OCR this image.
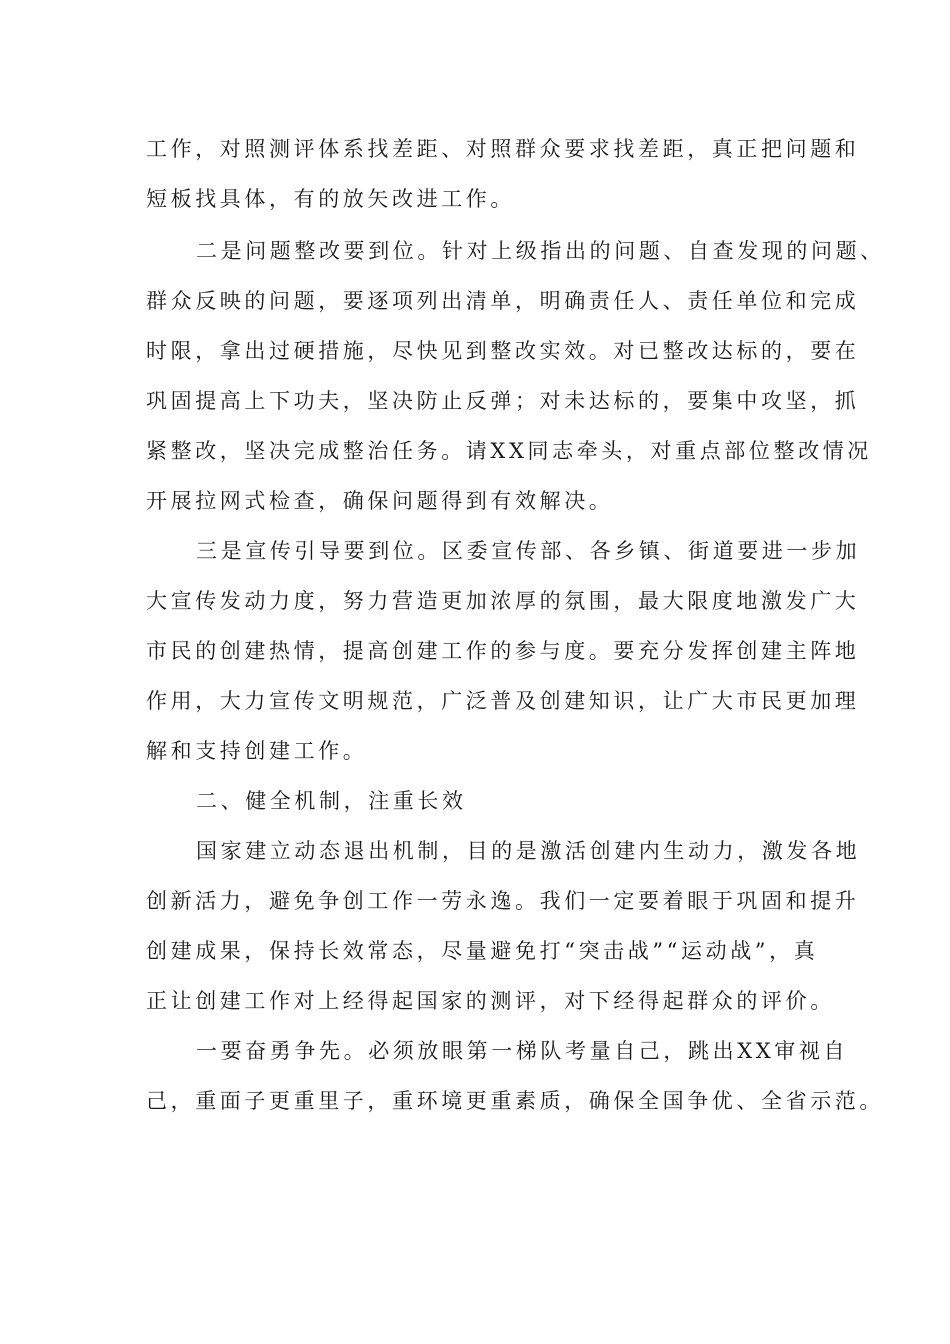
工作，对照测评体系找差距、对照群众要求找差距，真正把问题和
短板找具体，有的放矢改进工作。
二是问题整改要到位。针对上级指出的问题、自查发现的问题、
群众反映的问题，要逐项列出清单，明确责任人、责任单位和完成
时限，拿出过硬措施，尽快见到整改实效。对已整改达标的，要在
巩固提高上下功夫，坚决防止反弹；对未达标的，要集中攻坚，抓
紧整改，坚决完成整治任务。请XX同志牵头，对重点部位整改情况
开展拉网式检查，确保问题得到有效解决。
三是宣传引导要到位。区委宣传部、各乡镇、街道要进一步加
大宣传发动力度，努力营造更加浓厚的氛围，最大限度地激发广大
市民的创建热情，提高创建工作的参与度。要充分发挥创建主阵地
作用，大力宣传文明规范，广泛普及创建知识，让广大市民更加理
解和支持创建工作。
二、健全机制，注重长效
国家建立动态退出机制，目的是激活创建内生动力，激发各地
创新活力，避免争创工作一劳永逸。我们一定要着眼于巩固和提升
创建成果，保持长效常态，尽量避免打“突击战”“运动战”，真
正让创建工作对上经得起国家的测评，对下经得起群众的评价。
一要奋勇争先。必须放眼第一梯队考量自己，跳出XX审视自
己，重面子更重里子，重环境更重素质，确保全国争优、全省示范。
